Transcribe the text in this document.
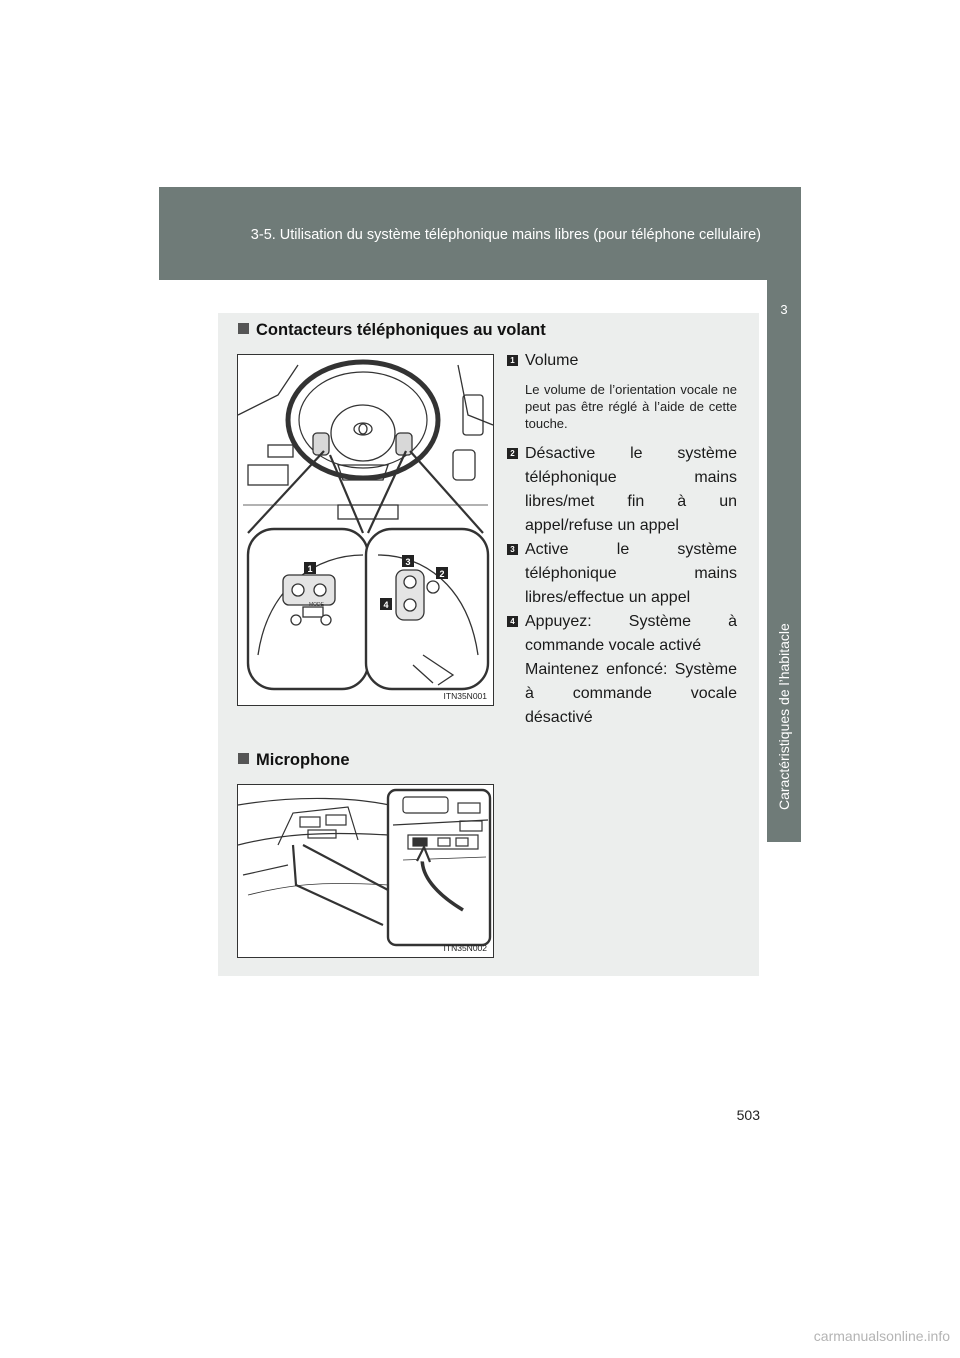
3-5. Utilisation du système téléphonique mains libres (pour téléphone cellulaire)
3
Caractéristiques de l’habitacle
Contacteurs téléphoniques au volant
1
3
2
4
MODE
ITN35N001
1 Volume
Le volume de l’orientation vocale ne peut pas être réglé à l’aide de cette touche.
2 Désactive le système téléphonique mains libres/met fin à un appel/refuse un appel
3 Active le système téléphonique mains libres/effectue un appel
4 Appuyez: Système à commande vocale activé
Maintenez enfoncé: Système à commande vocale désactivé
Microphone
ITN35N002
503
carmanualsonline.info
